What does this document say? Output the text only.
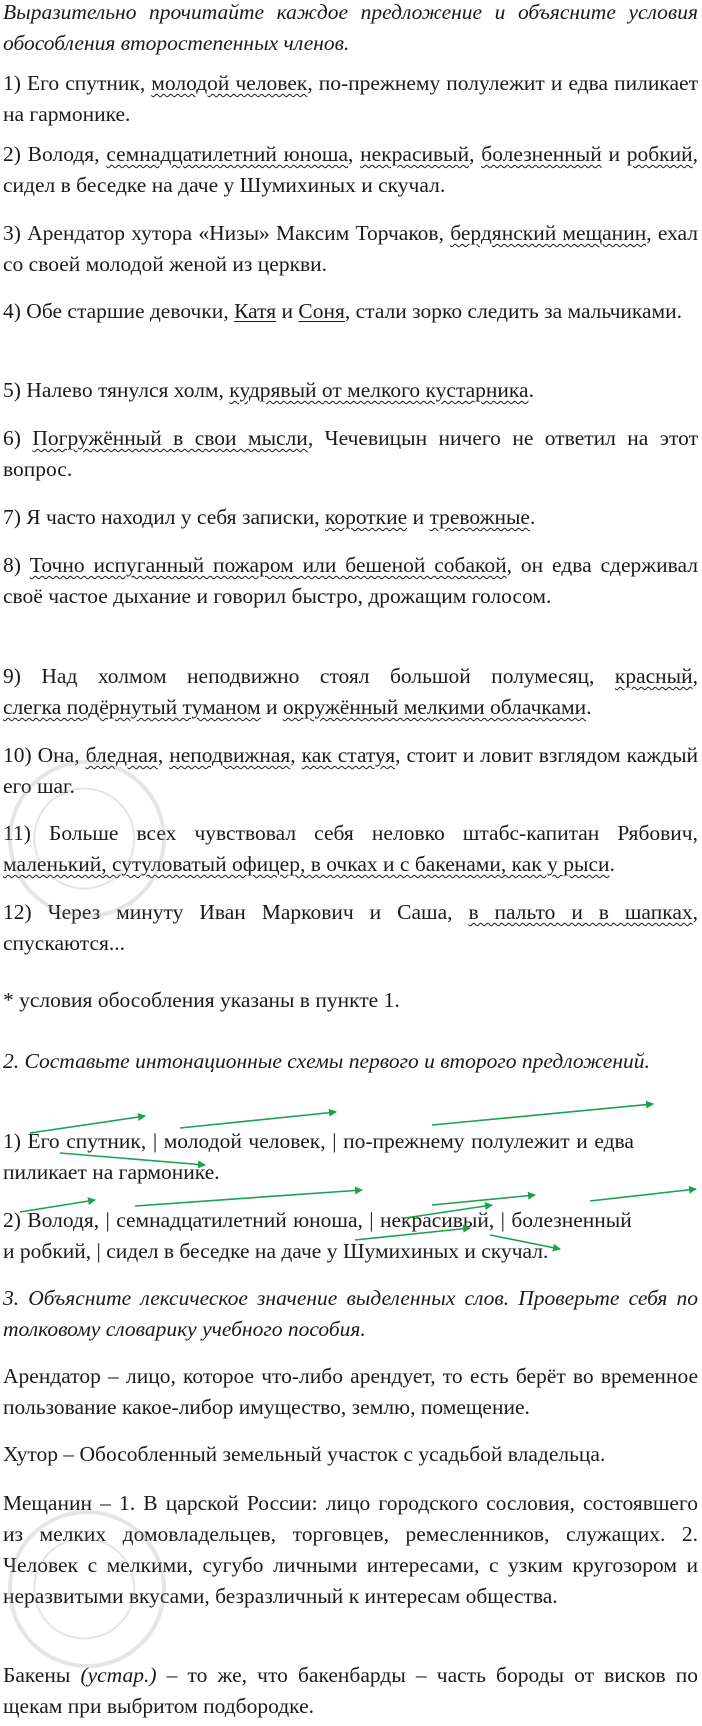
Выразительно прочитайте каждое предложение и объясните условия обособления второстепенных членов.

1) Его спутник, молодой человек, по-прежнему полулежит и едва пиликает на гармонике.

2) Володя, семнадцатилетний юноша, некрасивый, болезненный и робкий, сидел в беседке на даче у Шумихиных и скучал.

3) Арендатор хутора «Низы» Максим Торчаков, бердянский мещанин, ехал со своей молодой женой из церкви.

4) Обе старшие девочки, Катя и Соня, стали зорко следить за мальчиками.

5) Налево тянулся холм, кудрявый от мелкого кустарника.

6) Погружённый в свои мысли, Чечевицын ничего не ответил на этот вопрос.

7) Я часто находил у себя записки, короткие и тревожные.

8) Точно испуганный пожаром или бешеной собакой, он едва сдерживал своё частое дыхание и говорил быстро, дрожащим голосом.

9) Над холмом неподвижно стоял большой полумесяц, красный, слегка подёрнутый туманом и окружённый мелкими облачками.

10) Она, бледная, неподвижная, как статуя, стоит и ловит взглядом каждый его шаг.

11) Больше всех чувствовал себя неловко штабс-капитан Рябович, маленький, сутуловатый офицер, в очках и с бакенами, как у рыси.

12) Через минуту Иван Маркович и Саша, в пальто и в шапках, спускаются...

* условия обособления указаны в пункте 1.

2. Составьте интонационные схемы первого и второго предложений.

1) Его спутник, | молодой человек, | по-прежнему полулежит и едва

пиликает на гармонике.

2) Володя, | семнадцатилетний юноша, | некрасивый, | болезненный

и робкий, | сидел в беседке на даче у Шумихиных и скучал.

3. Объясните лексическое значение выделенных слов. Проверьте себя по толковому словарику учебного пособия.

Арендатор – лицо, которое что-либо арендует, то есть берёт во временное пользование какое-либор имущество, землю, помещение.

Хутор – Обособленный земельный участок с усадьбой владельца.

Мещанин – 1. В царской России: лицо городского сословия, состоявшего из мелких домовладельцев, торговцев, ремесленников, служащих. 2. Человек с мелкими, сугубо личными интересами, с узким кругозором и неразвитыми вкусами, безразличный к интересам общества.

Бакены (устар.) – то же, что бакенбарды – часть бороды от висков по щекам при выбритом подбородке.
